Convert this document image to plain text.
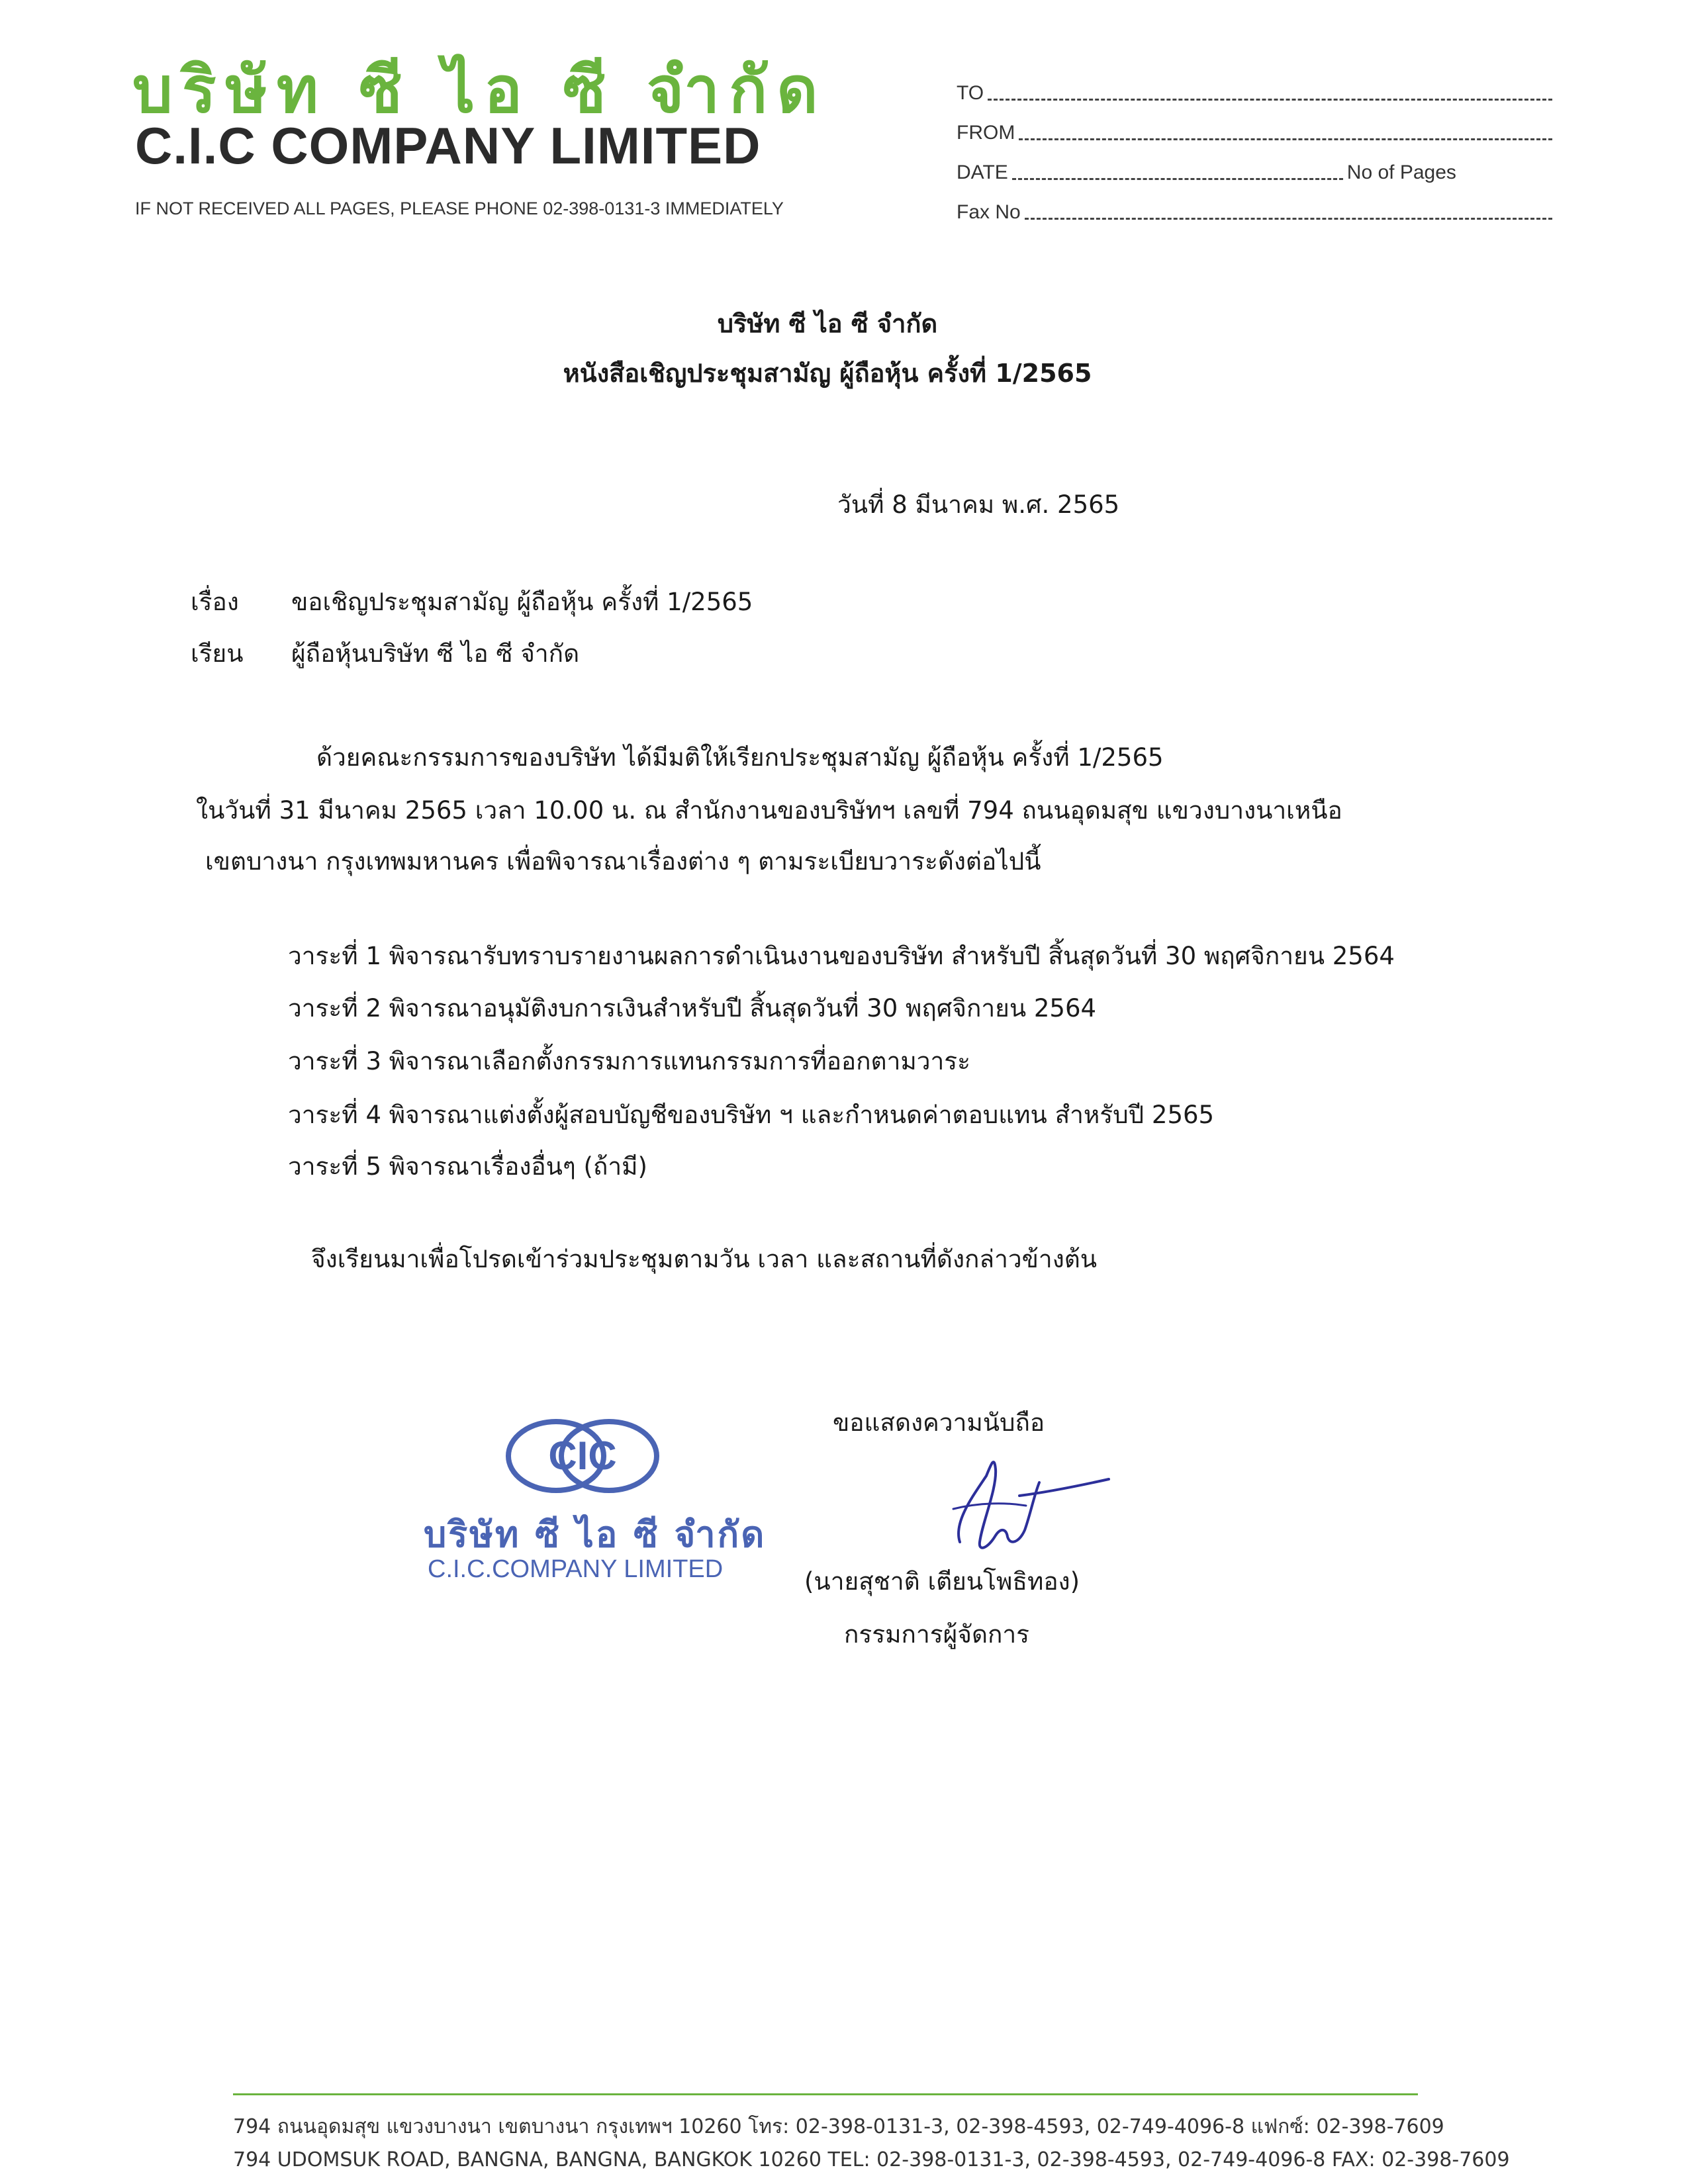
บริษัท ซี ไอ ซี จำกัด
C.I.C COMPANY LIMITED
IF NOT RECEIVED ALL PAGES, PLEASE PHONE 02-398-0131-3 IMMEDIATELY
TO
FROM
DATE	No of Pages
Fax No
บริษัท ซี ไอ ซี จำกัด
หนังสือเชิญประชุมสามัญ ผู้ถือหุ้น ครั้งที่ 1/2565
วันที่ 8 มีนาคม พ.ศ. 2565
เรื่อง ขอเชิญประชุมสามัญ ผู้ถือหุ้น ครั้งที่ 1/2565
เรียน ผู้ถือหุ้นบริษัท ซี ไอ ซี จำกัด
ด้วยคณะกรรมการของบริษัท ได้มีมติให้เรียกประชุมสามัญ ผู้ถือหุ้น ครั้งที่ 1/2565
ในวันที่ 31 มีนาคม 2565 เวลา 10.00 น. ณ สำนักงานของบริษัทฯ เลขที่ 794 ถนนอุดมสุข แขวงบางนาเหนือ
เขตบางนา กรุงเทพมหานคร เพื่อพิจารณาเรื่องต่าง ๆ ตามระเบียบวาระดังต่อไปนี้
วาระที่ 1 พิจารณารับทราบรายงานผลการดำเนินงานของบริษัท สำหรับปี สิ้นสุดวันที่ 30 พฤศจิกายน 2564
วาระที่ 2 พิจารณาอนุมัติงบการเงินสำหรับปี สิ้นสุดวันที่ 30 พฤศจิกายน 2564
วาระที่ 3 พิจารณาเลือกตั้งกรรมการแทนกรรมการที่ออกตามวาระ
วาระที่ 4 พิจารณาแต่งตั้งผู้สอบบัญชีของบริษัท ฯ และกำหนดค่าตอบแทน สำหรับปี 2565
วาระที่ 5 พิจารณาเรื่องอื่นๆ (ถ้ามี)
จึงเรียนมาเพื่อโปรดเข้าร่วมประชุมตามวัน เวลา และสถานที่ดังกล่าวข้างต้น
ขอแสดงความนับถือ
(นายสุชาติ เตียนโพธิทอง)
กรรมการผู้จัดการ
CIC
บริษัท ซี ไอ ซี จำกัด
C.I.C.COMPANY LIMITED
794 ถนนอุดมสุข แขวงบางนา เขตบางนา กรุงเทพฯ 10260 โทร: 02-398-0131-3, 02-398-4593, 02-749-4096-8 แฟกซ์: 02-398-7609
794 UDOMSUK ROAD, BANGNA, BANGNA, BANGKOK 10260 TEL: 02-398-0131-3, 02-398-4593, 02-749-4096-8 FAX: 02-398-7609
